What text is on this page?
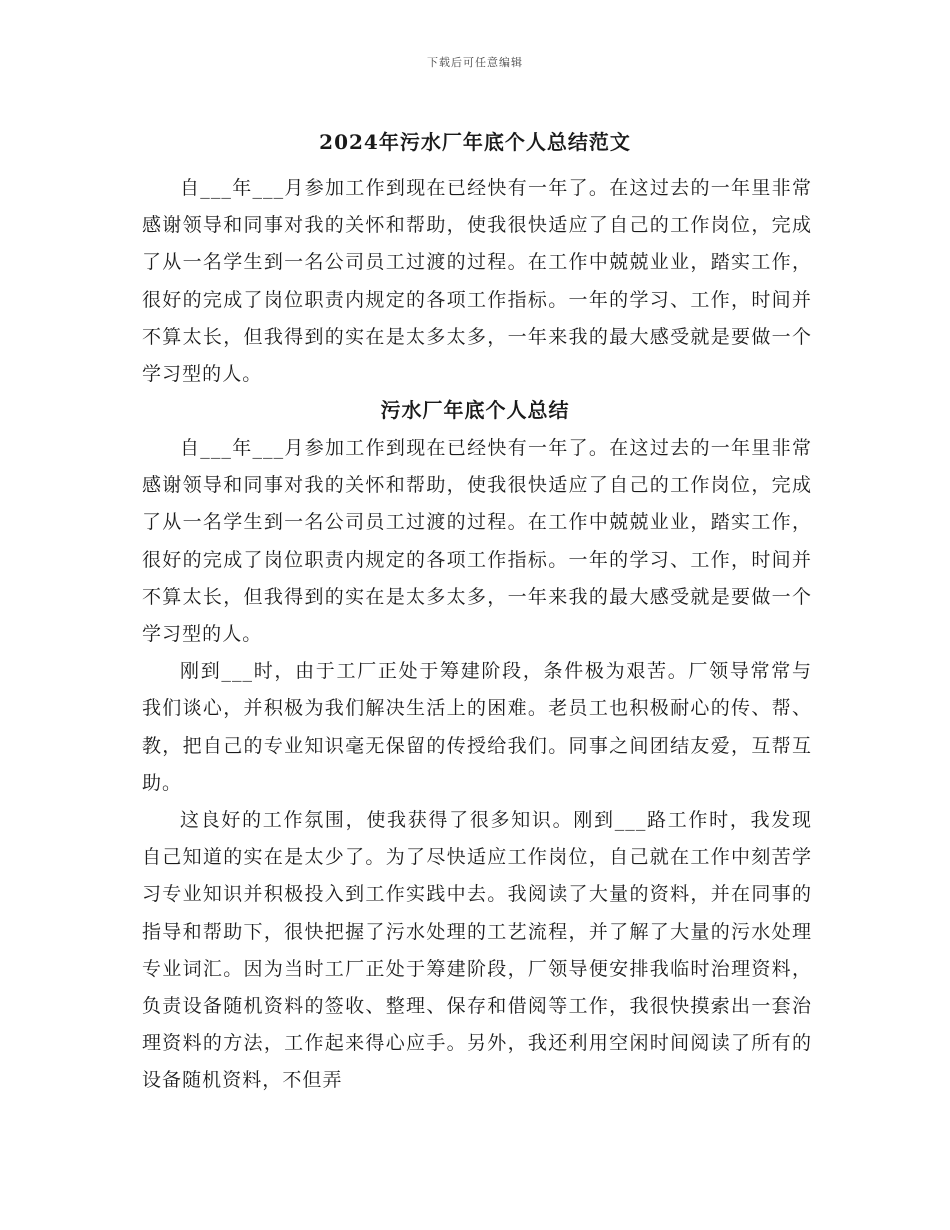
下载后可任意编辑
2024年污水厂年底个人总结范文

自___年___月参加工作到现在已经快有一年了。在这过去的一年里非常感谢领导和同事对我的关怀和帮助，使我很快适应了自己的工作岗位，完成了从一名学生到一名公司员工过渡的过程。在工作中兢兢业业，踏实工作，很好的完成了岗位职责内规定的各项工作指标。一年的学习、工作，时间并不算太长，但我得到的实在是太多太多，一年来我的最大感受就是要做一个学习型的人。

污水厂年底个人总结

自___年___月参加工作到现在已经快有一年了。在这过去的一年里非常感谢领导和同事对我的关怀和帮助，使我很快适应了自己的工作岗位，完成了从一名学生到一名公司员工过渡的过程。在工作中兢兢业业，踏实工作，很好的完成了岗位职责内规定的各项工作指标。一年的学习、工作，时间并不算太长，但我得到的实在是太多太多，一年来我的最大感受就是要做一个学习型的人。

刚到___时，由于工厂正处于筹建阶段，条件极为艰苦。厂领导常常与我们谈心，并积极为我们解决生活上的困难。老员工也积极耐心的传、帮、教，把自己的专业知识毫无保留的传授给我们。同事之间团结友爱，互帮互助。

这良好的工作氛围，使我获得了很多知识。刚到___路工作时，我发现自己知道的实在是太少了。为了尽快适应工作岗位，自己就在工作中刻苦学习专业知识并积极投入到工作实践中去。我阅读了大量的资料，并在同事的指导和帮助下，很快把握了污水处理的工艺流程，并了解了大量的污水处理专业词汇。因为当时工厂正处于筹建阶段，厂领导便安排我临时治理资料，负责设备随机资料的签收、整理、保存和借阅等工作，我很快摸索出一套治理资料的方法，工作起来得心应手。另外，我还利用空闲时间阅读了所有的设备随机资料，不但弄
